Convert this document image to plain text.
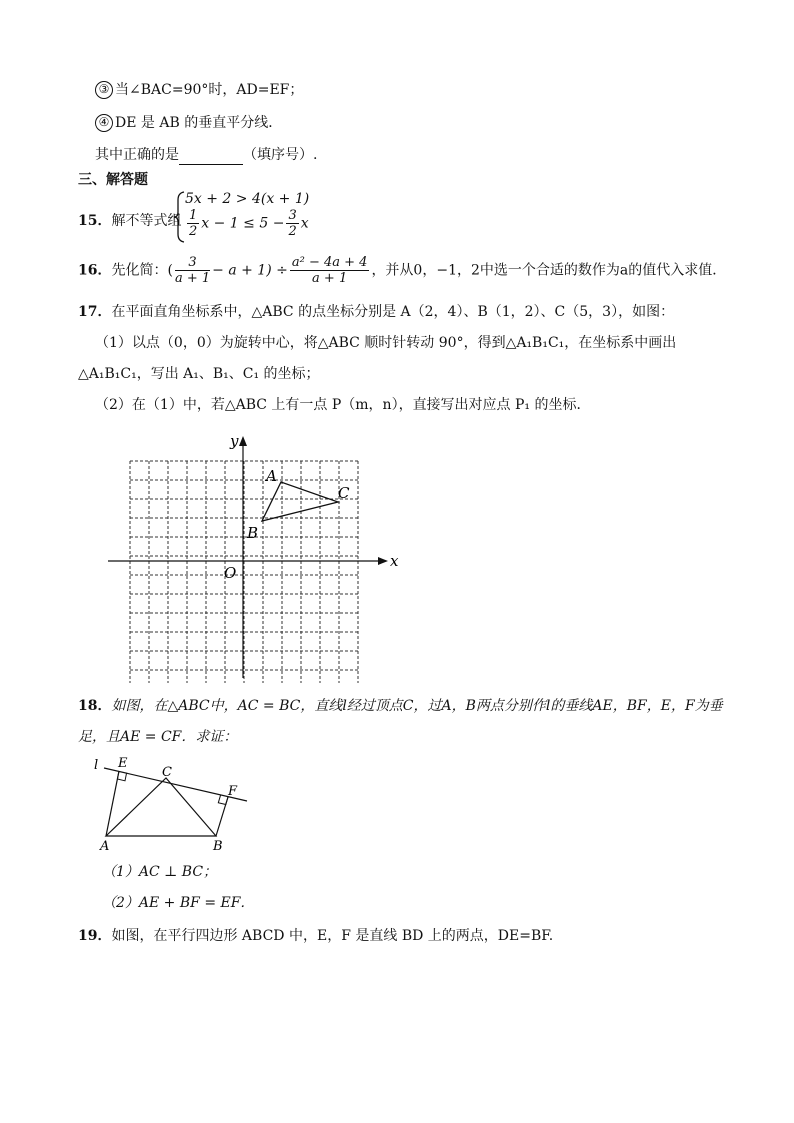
③ 当∠BAC=90°时，AD=EF；
④ DE 是 AB 的垂直平分线．
其中正确的是	（填序号）.
三、解答题
15．解不等式组
5x + 2 > 4(x + 1)
$\frac{1}{2}$ $x - 1 \le 5 - \frac{3}{2}$ x
16．先化简：( $\frac{3}{a + 1} - a + 1) \div \frac{\text{a² − 4a + 4}}{a + 1}$ ，并从0，−1，2中选一个合适的数作为a的值代入求值．
17．在平面直角坐标系中，△ABC 的点坐标分别是 A（2，4）、B（1，2）、C（5，3），如图：
（1）以点（0，0）为旋转中心，将△ABC 顺时针转动 90°，得到△A₁B₁C₁，在坐标系中画出
△A₁B₁C₁，写出 A₁、B₁、C₁ 的坐标；
（2）在（1）中，若△ABC 上有一点 P（m，n），直接写出对应点 P₁ 的坐标．
x
y
O
A
B
C
18．如图，在△ABC中，AC = BC，直线l经过顶点C，过A，B两点分别作l的垂线AE，BF，E，F为垂
足，且AE = CF．求证：
l E
C
F
A	B
（1）AC ⊥ BC；
（2）AE + BF = EF．
19．如图，在平行四边形 ABCD 中，E，F 是直线 BD 上的两点，DE=BF.
